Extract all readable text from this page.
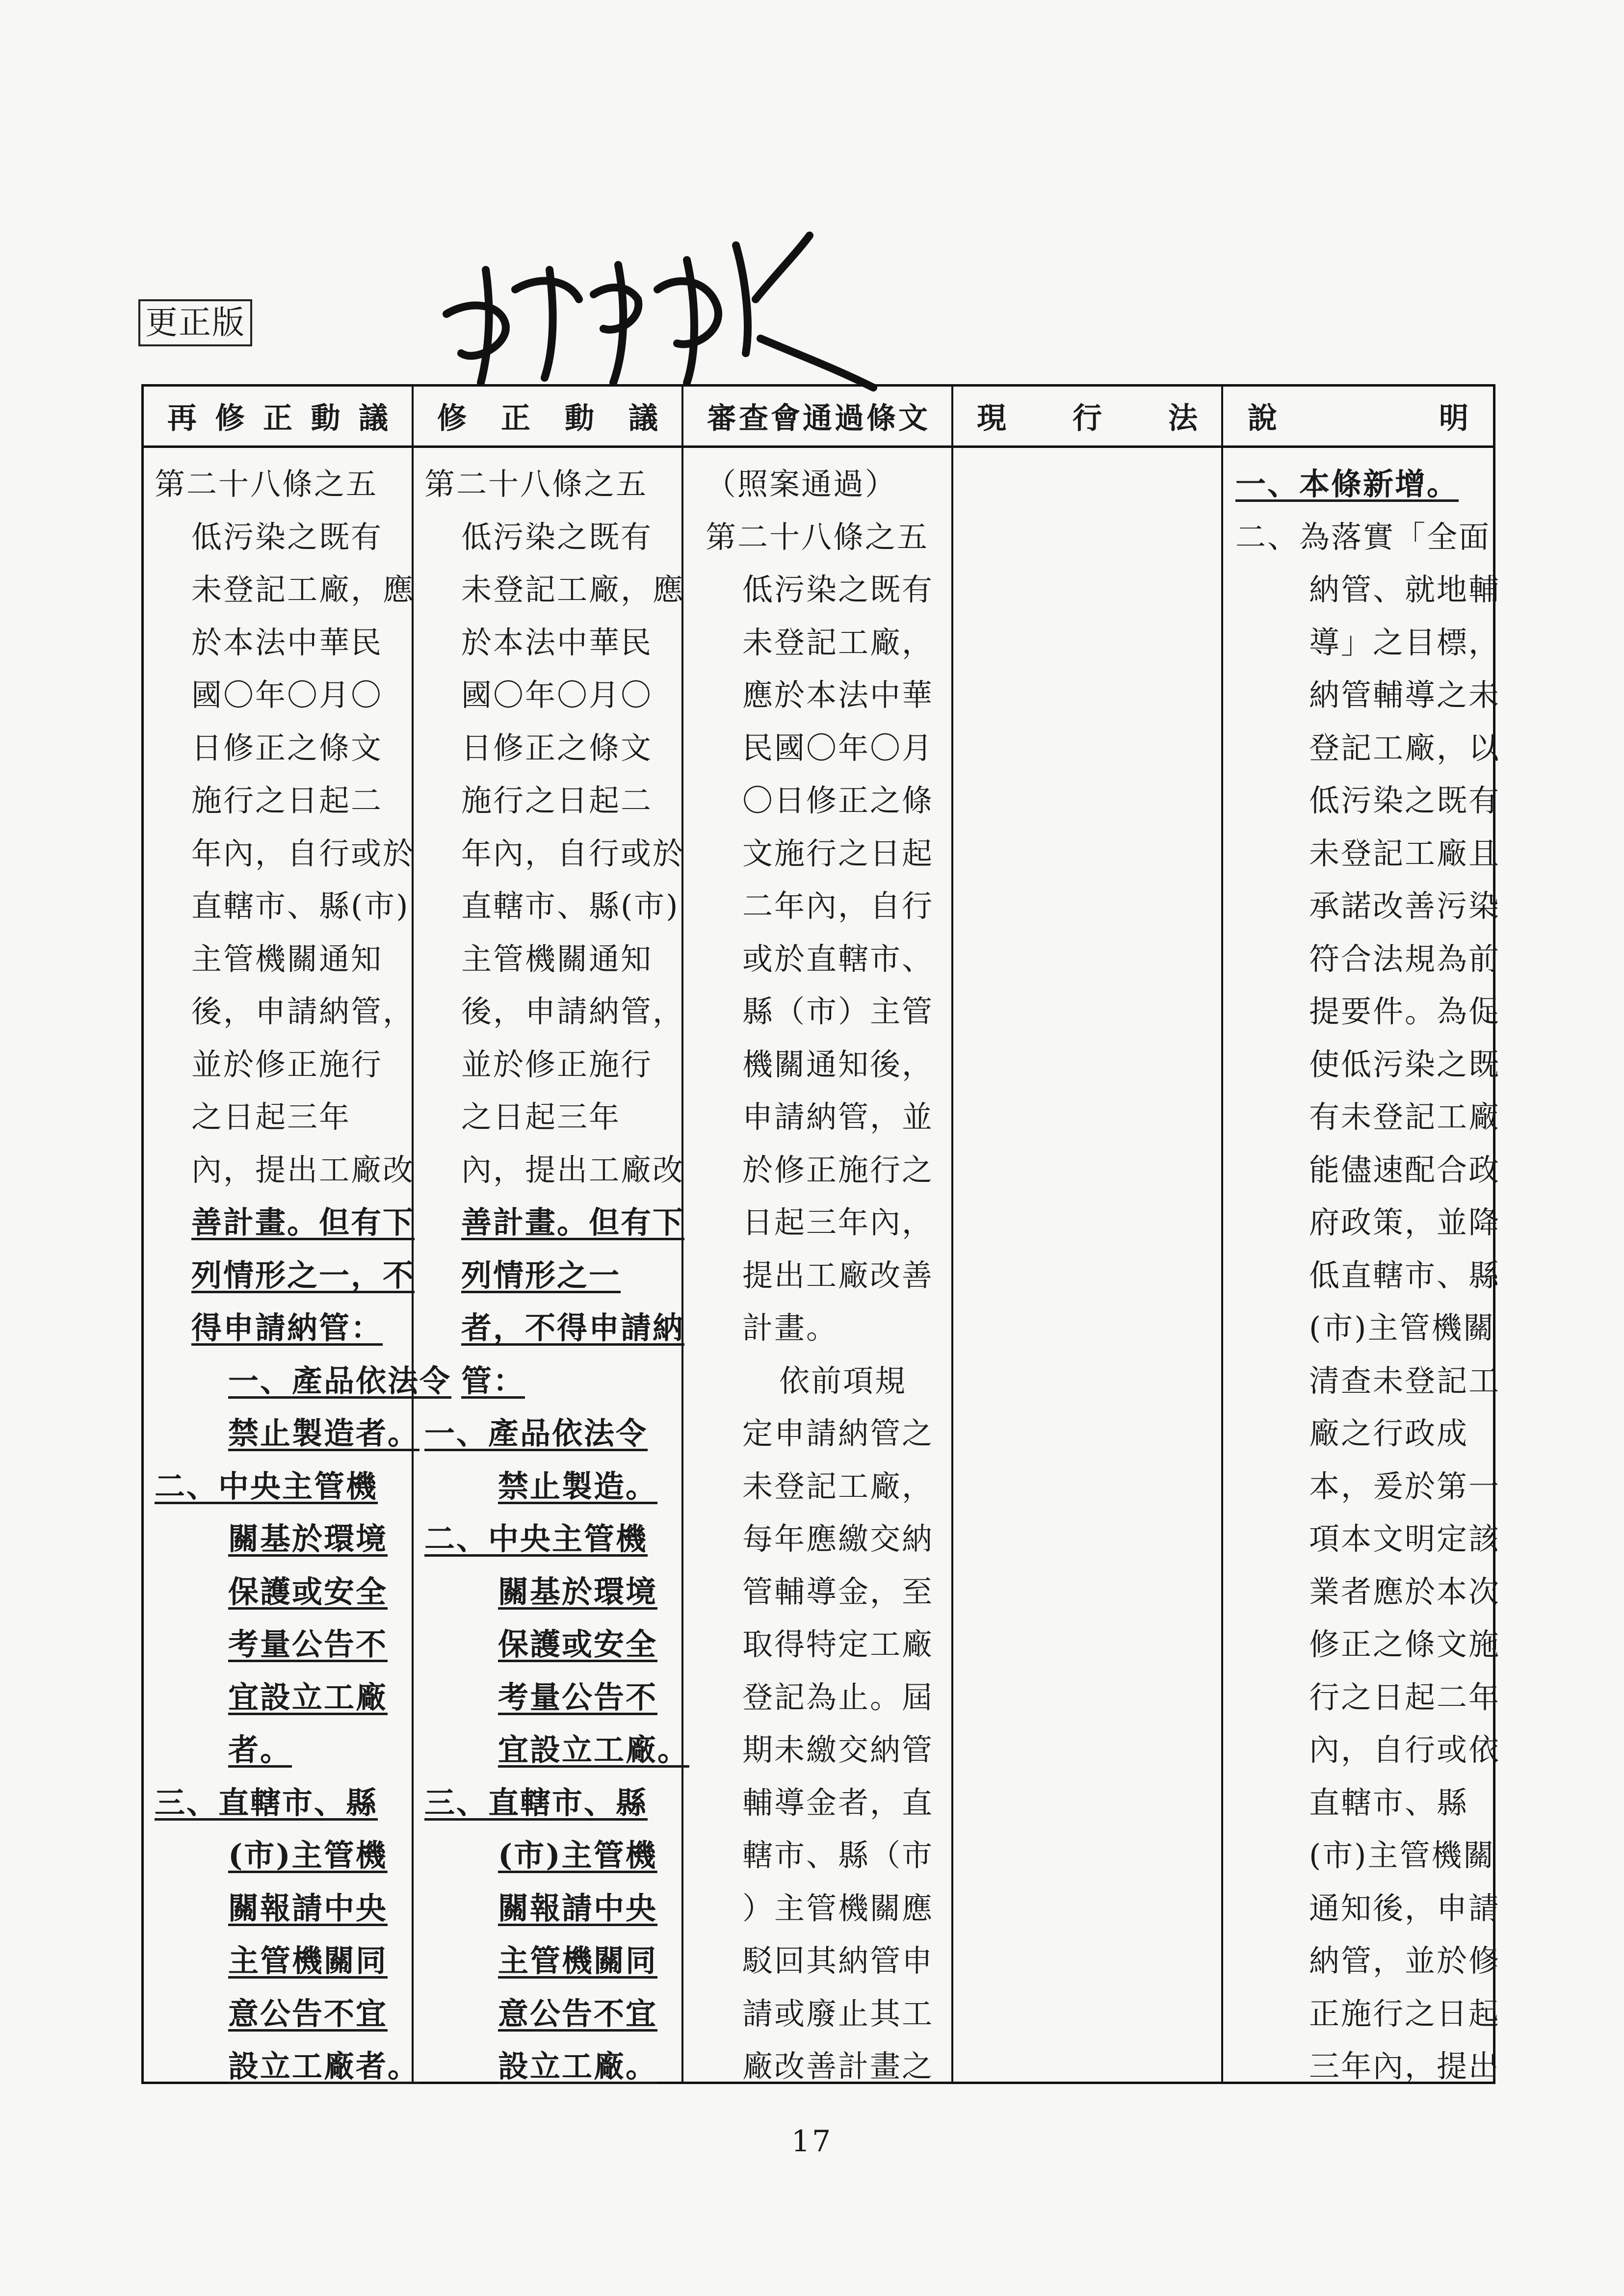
更正版
再修正動議 修正動議 審查會通過條文 現行法 說明
第二十八條之五
低污染之既有
未登記工廠，應
於本法中華民
國〇年〇月〇
日修正之條文
施行之日起二
年內，自行或於
直轄市、縣(市)
主管機關通知
後，申請納管，
並於修正施行
之日起三年
內，提出工廠改
善計畫。但有下
列情形之一，不
得申請納管：
一、產品依法令
禁止製造者。
二、中央主管機
關基於環境
保護或安全
考量公告不
宜設立工廠
者。
三、直轄市、縣
(市)主管機
關報請中央
主管機關同
意公告不宜
設立工廠者。
第二十八條之五
低污染之既有
未登記工廠，應
於本法中華民
國〇年〇月〇
日修正之條文
施行之日起二
年內，自行或於
直轄市、縣(市)
主管機關通知
後，申請納管，
並於修正施行
之日起三年
內，提出工廠改
善計畫。但有下
列情形之一
者，不得申請納
管：
一、產品依法令
禁止製造。
二、中央主管機
關基於環境
保護或安全
考量公告不
宜設立工廠。
三、直轄市、縣
(市)主管機
關報請中央
主管機關同
意公告不宜
設立工廠。
（照案通過）
第二十八條之五
低污染之既有
未登記工廠，
應於本法中華
民國〇年〇月
〇日修正之條
文施行之日起
二年內，自行
或於直轄市、
縣（市）主管
機關通知後，
申請納管，並
於修正施行之
日起三年內，
提出工廠改善
計畫。
依前項規
定申請納管之
未登記工廠，
每年應繳交納
管輔導金，至
取得特定工廠
登記為止。屆
期未繳交納管
輔導金者，直
轄市、縣（市
）主管機關應
駁回其納管申
請或廢止其工
廠改善計畫之
一、本條新增。
二、為落實「全面
納管、就地輔
導」之目標，
納管輔導之未
登記工廠，以
低污染之既有
未登記工廠且
承諾改善污染
符合法規為前
提要件。為促
使低污染之既
有未登記工廠
能儘速配合政
府政策，並降
低直轄市、縣
(市)主管機關
清查未登記工
廠之行政成
本，爰於第一
項本文明定該
業者應於本次
修正之條文施
行之日起二年
內，自行或依
直轄市、縣
(市)主管機關
通知後，申請
納管，並於修
正施行之日起
三年內，提出
17
